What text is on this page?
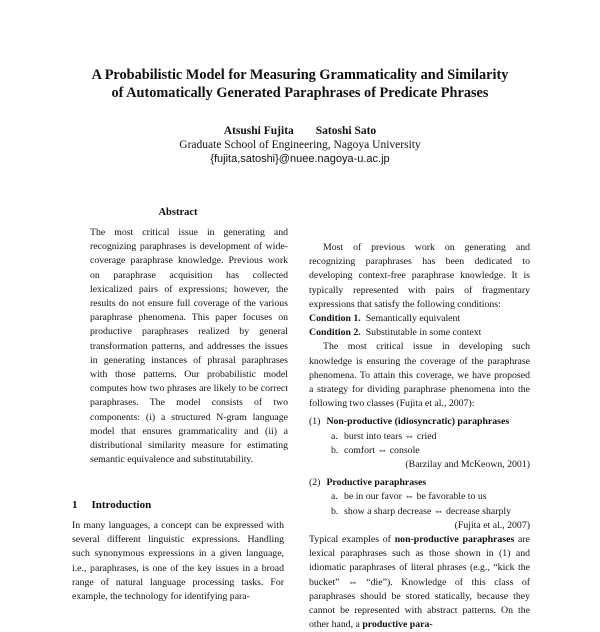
A Probabilistic Model for Measuring Grammaticality and Similarity
of Automatically Generated Paraphrases of Predicate Phrases
Atsushi Fujita Satoshi Sato
Graduate School of Engineering, Nagoya University
{fujita,satoshi}@nuee.nagoya-u.ac.jp
Abstract

The most critical issue in generating and recognizing paraphrases is development of wide-coverage paraphrase knowledge. Previous work on paraphrase acquisition has collected lexicalized pairs of expressions; however, the results do not ensure full coverage of the various paraphrase phenomena. This paper focuses on productive paraphrases realized by general transformation patterns, and addresses the issues in generating instances of phrasal paraphrases with those patterns. Our probabilistic model computes how two phrases are likely to be correct paraphrases. The model consists of two components: (i) a structured N-gram language model that ensures grammaticality and (ii) a distributional similarity measure for estimating semantic equivalence and substitutability.

1 Introduction

In many languages, a concept can be expressed with several different linguistic expressions. Handling such synonymous expressions in a given language, i.e., paraphrases, is one of the key issues in a broad range of natural language processing tasks. For example, the technology for identifying para-

Most of previous work on generating and recognizing paraphrases has been dedicated to developing context-free paraphrase knowledge. It is typically represented with pairs of fragmentary expressions that satisfy the following conditions:

Condition 1. Semantically equivalent
Condition 2. Substitutable in some context

The most critical issue in developing such knowledge is ensuring the coverage of the paraphrase phenomena. To attain this coverage, we have proposed a strategy for dividing paraphrase phenomena into the following two classes (Fujita et al., 2007):

(1) Non-productive (idiosyncratic) paraphrases
a. burst into tears ⇔ cried
b. comfort ⇔ console
(Barzilay and McKeown, 2001)
(2) Productive paraphrases
a. be in our favor ⇔ be favorable to us
b. show a sharp decrease ⇔ decrease sharply
(Fujita et al., 2007)

Typical examples of non-productive paraphrases are lexical paraphrases such as those shown in (1) and idiomatic paraphrases of literal phrases (e.g., “kick the bucket” ⇔ “die”). Knowledge of this class of paraphrases should be stored statically, because they cannot be represented with abstract patterns. On the other hand, a productive para-
